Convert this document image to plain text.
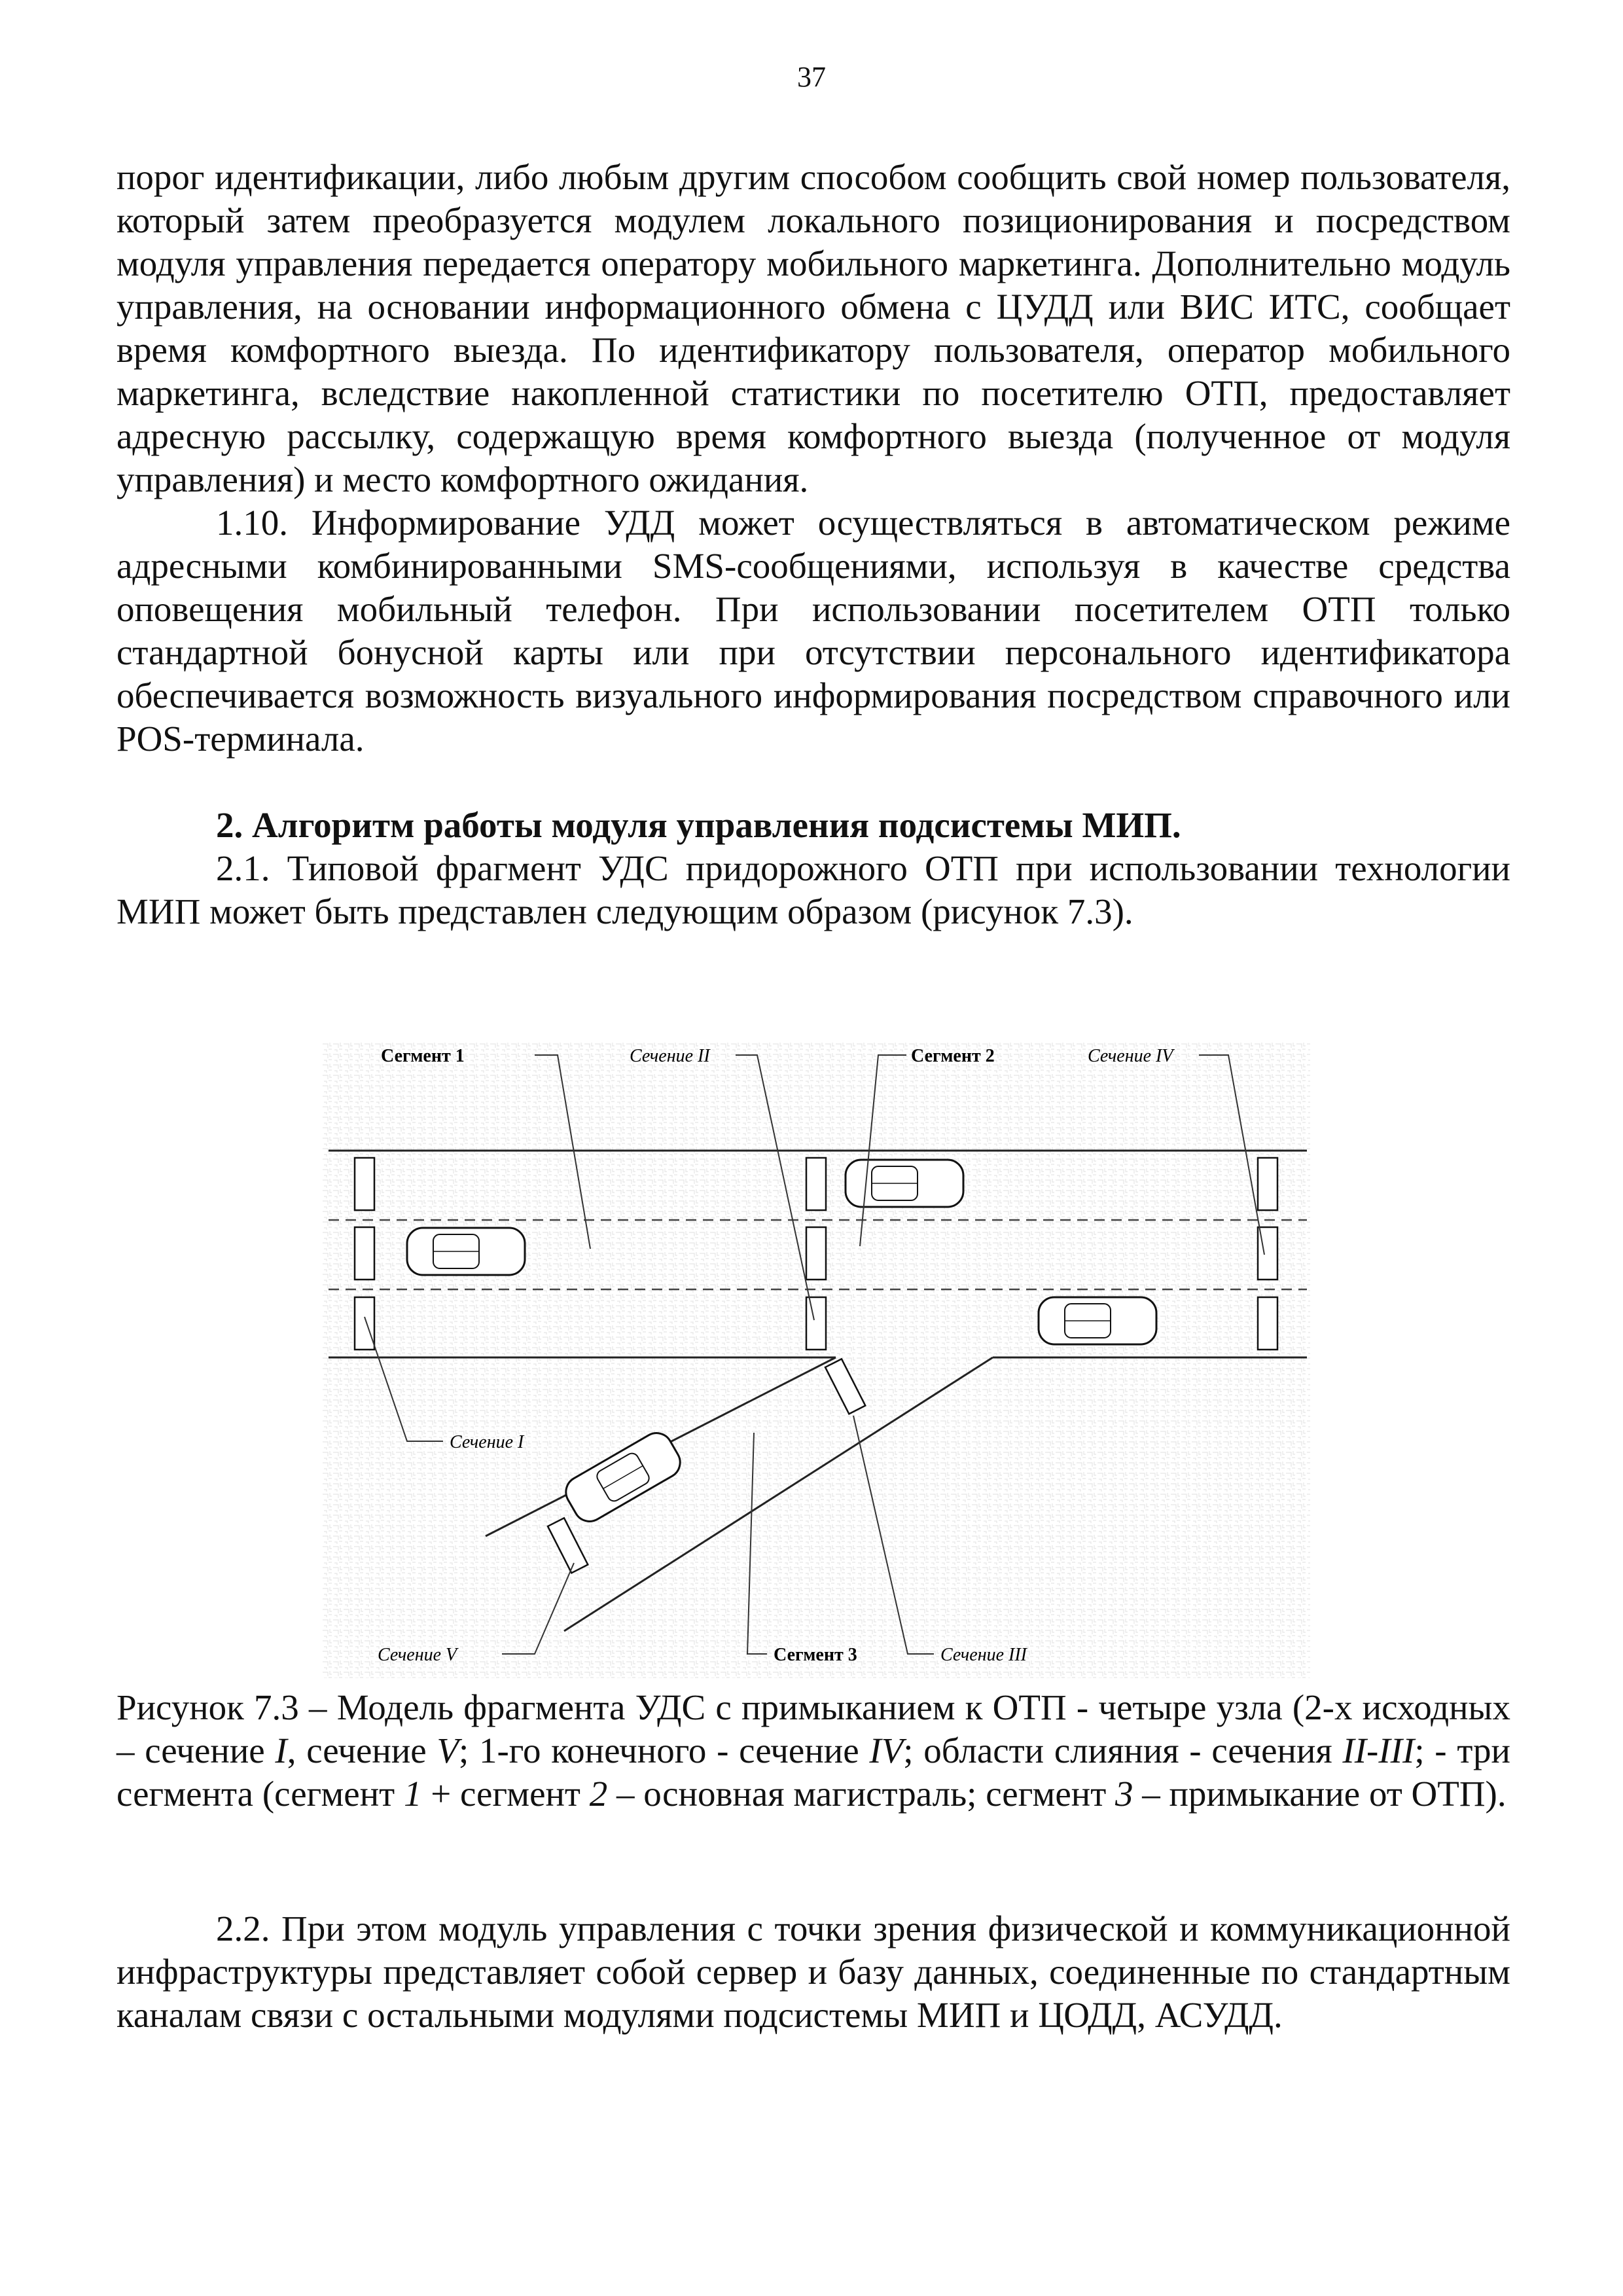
37

порог идентификации, либо любым другим способом сообщить свой номер пользователя, который затем преобразуется модулем локального позиционирования и посредством модуля управления передается оператору мобильного маркетинга. Дополнительно модуль управления, на основании информационного обмена с ЦУДД или ВИС ИТС, сообщает время комфортного выезда. По идентификатору пользователя, оператор мобильного маркетинга, вследствие накопленной статистики по посетителю ОТП, предоставляет адресную рассылку, содержащую время комфортного выезда (полученное от модуля управления) и место комфортного ожидания.

1.10. Информирование УДД может осуществляться в автоматическом режиме адресными комбинированными SMS-сообщениями, используя в качестве средства оповещения мобильный телефон. При использовании посетителем ОТП только стандартной бонусной карты или при отсутствии персонального идентификатора обеспечивается возможность визуального информирования посредством справочного или POS-терминала.

2. Алгоритм работы модуля управления подсистемы МИП.

2.1. Типовой фрагмент УДС придорожного ОТП при использовании технологии МИП может быть представлен следующим образом (рисунок 7.3).

Сегмент 1	Сечение II	Сегмент 2	Сечение IV
Сечение I
Сечение V	Сегмент 3	Сечение III
Рисунок 7.3 – Модель фрагмента УДС с примыканием к ОТП - четыре узла (2-х исходных – сечение I, сечение V; 1-го конечного - сечение IV; области слияния - сечения II-III; - три сегмента (сегмент 1 + сегмент 2 – основная магистраль; сегмент 3 – примыкание от ОТП).

2.2. При этом модуль управления с точки зрения физической и коммуникационной инфраструктуры представляет собой сервер и базу данных, соединенные по стандартным каналам связи с остальными модулями подсистемы МИП и ЦОДД, АСУДД.
